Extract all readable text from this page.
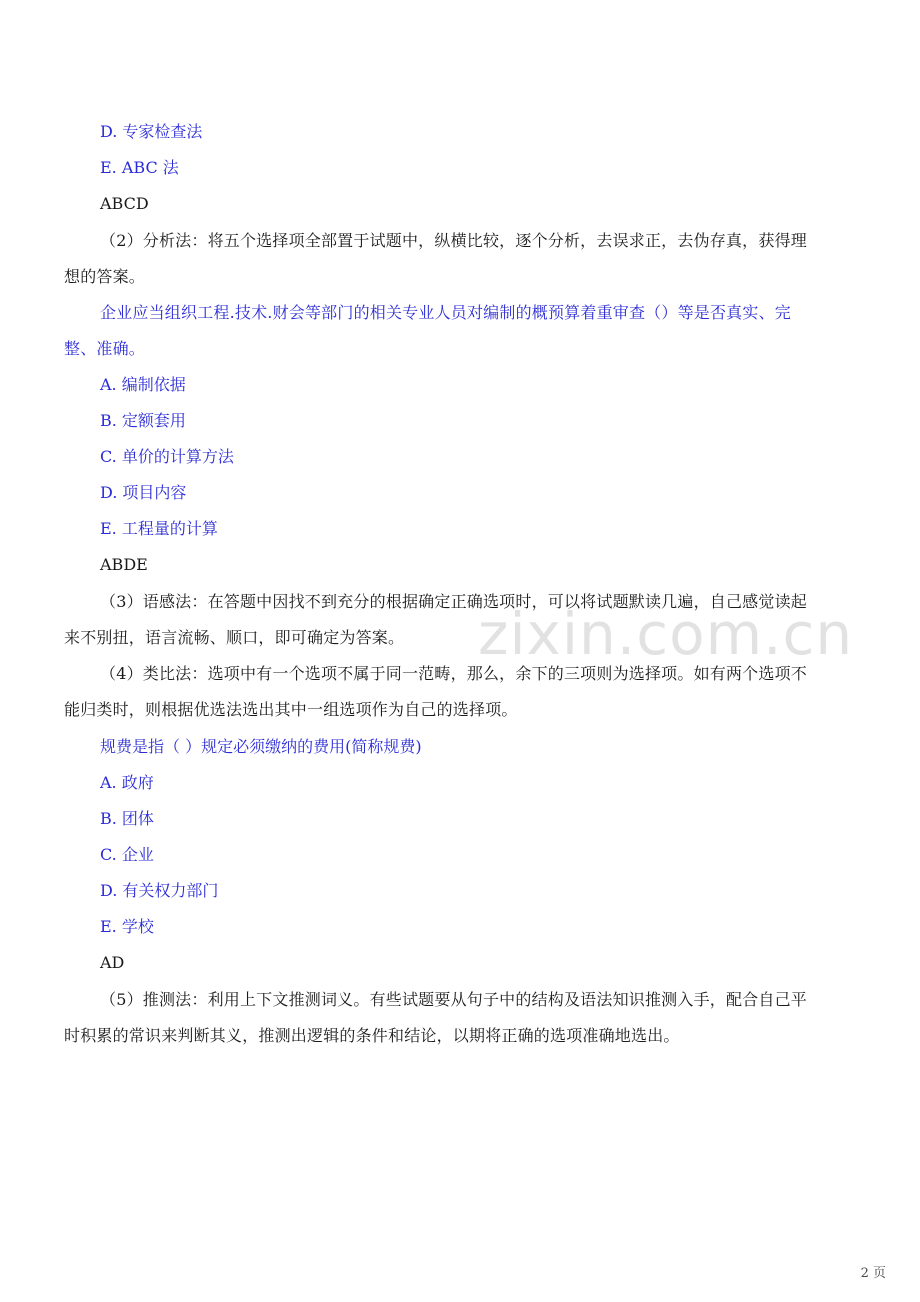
D. 专家检查法
E. ABC 法
ABCD
（2）分析法：将五个选择项全部置于试题中，纵横比较，逐个分析，去误求正，去伪存真，获得理想的答案。
企业应当组织工程.技术.财会等部门的相关专业人员对编制的概预算着重审查（）等是否真实、完整、准确。
A. 编制依据
B. 定额套用
C. 单价的计算方法
D. 项目内容
E. 工程量的计算
ABDE
（3）语感法：在答题中因找不到充分的根据确定正确选项时，可以将试题默读几遍，自己感觉读起来不别扭，语言流畅、顺口，即可确定为答案。
（4）类比法：选项中有一个选项不属于同一范畴，那么，余下的三项则为选择项。如有两个选项不能归类时，则根据优选法选出其中一组选项作为自己的选择项。
规费是指（ ）规定必须缴纳的费用(简称规费)
A. 政府
B. 团体
C. 企业
D. 有关权力部门
E. 学校
AD
（5）推测法：利用上下文推测词义。有些试题要从句子中的结构及语法知识推测入手，配合自己平时积累的常识来判断其义，推测出逻辑的条件和结论，以期将正确的选项准确地选出。
zixin.com.cn
2 页
